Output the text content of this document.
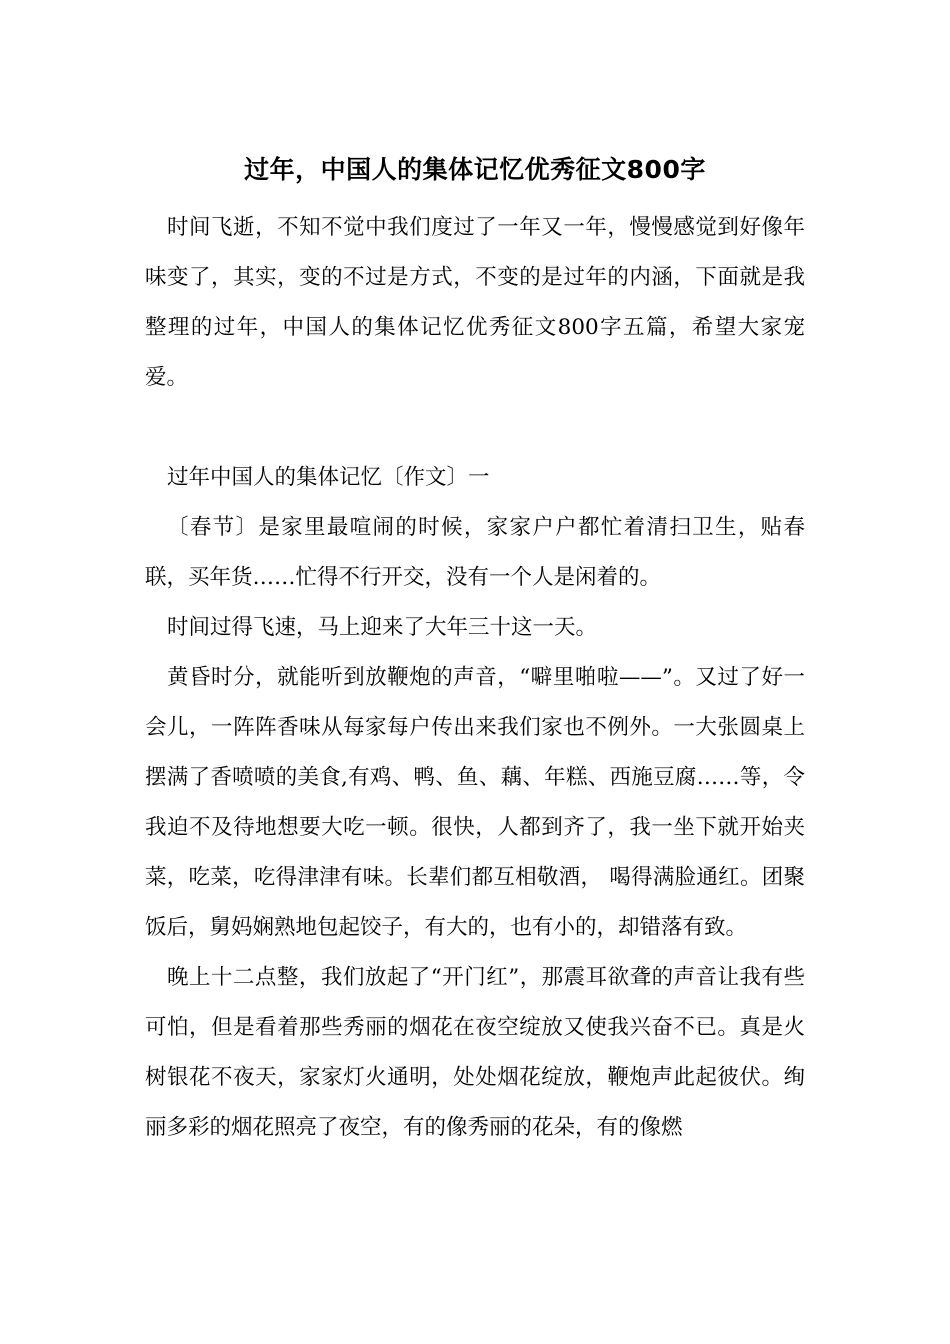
过年，中国人的集体记忆优秀征文800字

时间飞逝，不知不觉中我们度过了一年又一年，慢慢感觉到好像年味变了，其实，变的不过是方式，不变的是过年的内涵，下面就是我整理的过年，中国人的集体记忆优秀征文800字五篇，希望大家宠爱。

过年中国人的集体记忆〔作文〕一

〔春节〕是家里最喧闹的时候，家家户户都忙着清扫卫生，贴春联，买年货……忙得不行开交，没有一个人是闲着的。

时间过得飞速，马上迎来了大年三十这一天。

黄昏时分，就能听到放鞭炮的声音，“噼里啪啦——”。又过了好一会儿，一阵阵香味从每家每户传出来我们家也不例外。一大张圆桌上摆满了香喷喷的美食,有鸡、鸭、鱼、藕、年糕、西施豆腐……等，令我迫不及待地想要大吃一顿。很快，人都到齐了，我一坐下就开始夹菜，吃菜，吃得津津有味。长辈们都互相敬酒， 喝得满脸通红。团聚饭后，舅妈娴熟地包起饺子，有大的，也有小的，却错落有致。

晚上十二点整，我们放起了“开门红”，那震耳欲聋的声音让我有些可怕，但是看着那些秀丽的烟花在夜空绽放又使我兴奋不已。真是火树银花不夜天，家家灯火通明，处处烟花绽放，鞭炮声此起彼伏。绚丽多彩的烟花照亮了夜空，有的像秀丽的花朵，有的像燃
